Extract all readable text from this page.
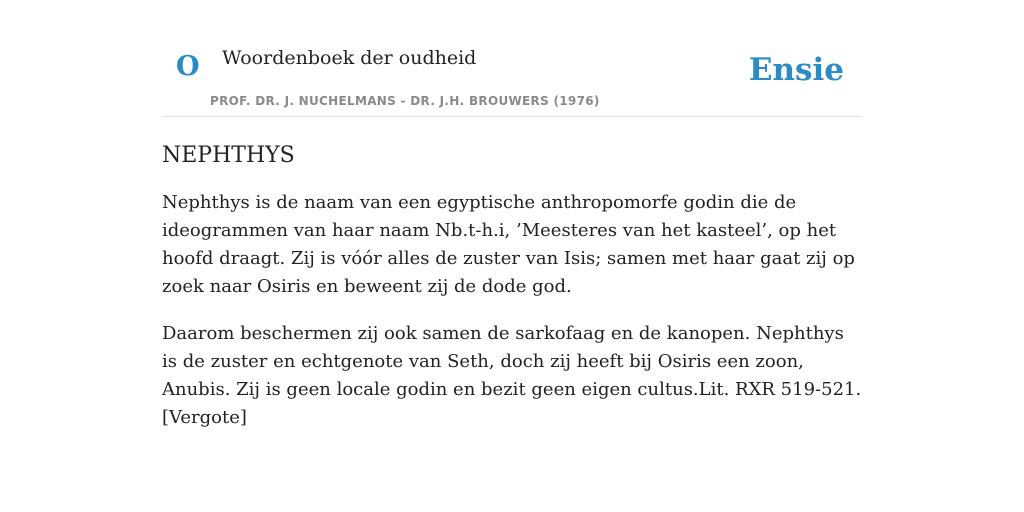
O Woordenboek der oudheid
PROF. DR. J. NUCHELMANS - DR. J.H. BROUWERS (1976)
Ensie
NEPHTHYS

Nephthys is de naam van een egyptische anthropomorfe godin die de ideogrammen van haar naam Nb.t-h.i, ’Meesteres van het kasteel’, op het hoofd draagt. Zij is vóór alles de zuster van Isis; samen met haar gaat zij op zoek naar Osiris en beweent zij de dode god.

Daarom beschermen zij ook samen de sarkofaag en de kanopen. Nephthys is de zuster en echtgenote van Seth, doch zij heeft bij Osiris een zoon, Anubis. Zij is geen locale godin en bezit geen eigen cultus.Lit. RXR 519-521. [Vergote]
